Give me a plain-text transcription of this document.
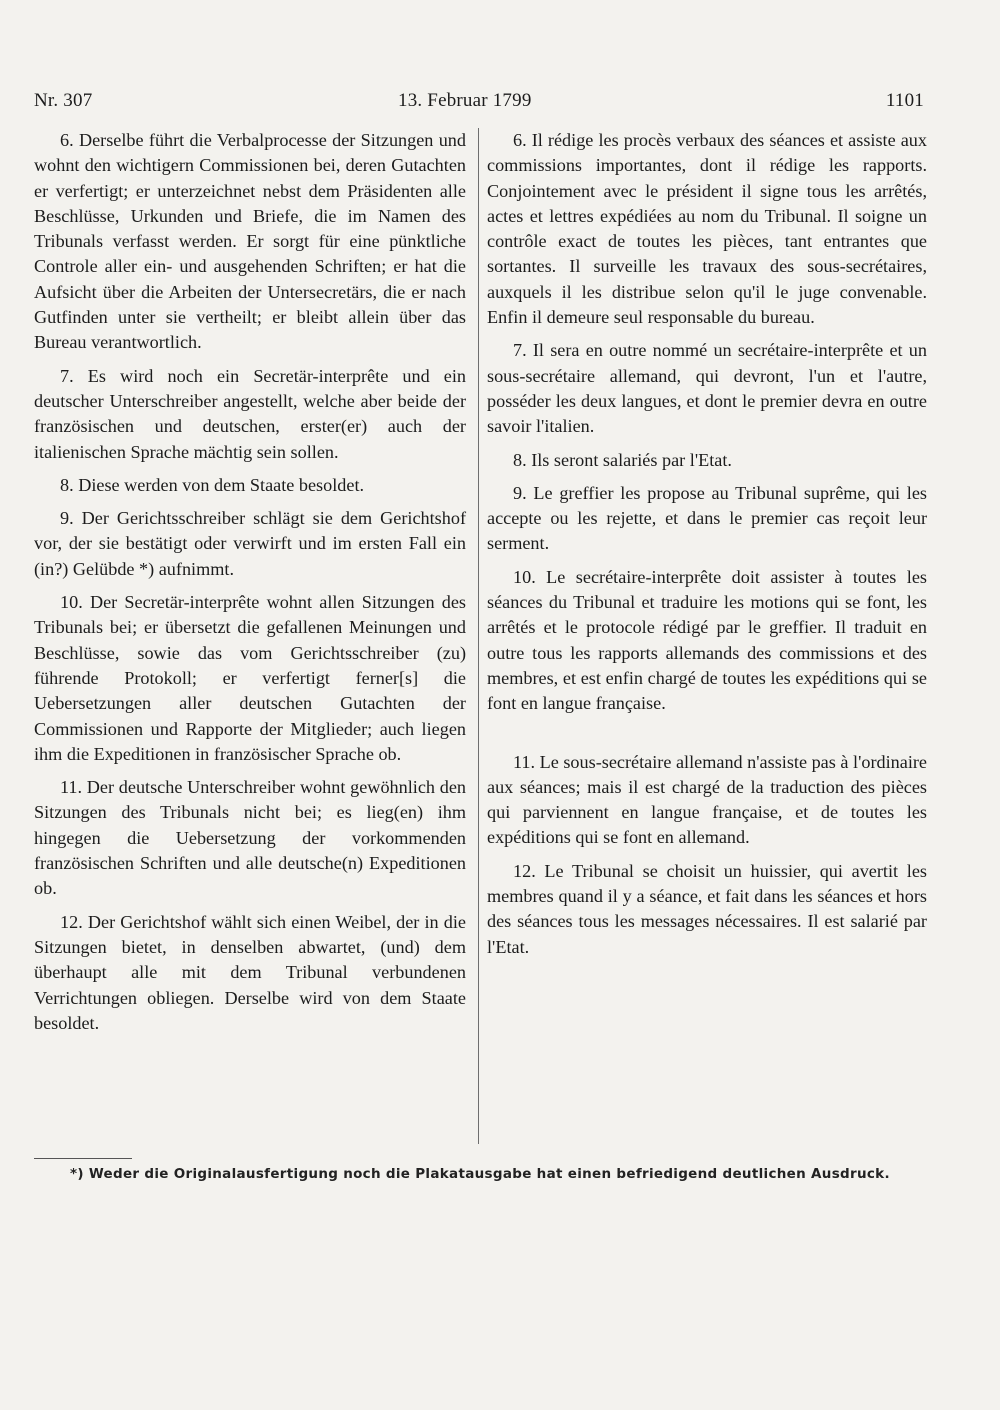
Nr. 307	13. Februar 1799	1101

6. Derselbe führt die Verbalprocesse der Sitzungen und wohnt den wichtigern Commissionen bei, deren Gutachten er verfertigt; er unterzeichnet nebst dem Präsidenten alle Beschlüsse, Urkunden und Briefe, die im Namen des Tribunals verfasst werden. Er sorgt für eine pünktliche Controle aller ein- und ausgehenden Schriften; er hat die Aufsicht über die Arbeiten der Untersecretärs, die er nach Gutfinden unter sie vertheilt; er bleibt allein über das Bureau verantwortlich.

7. Es wird noch ein Secretär-interprête und ein deutscher Unterschreiber angestellt, welche aber beide der französischen und deutschen, erster(er) auch der italienischen Sprache mächtig sein sollen.

8. Diese werden von dem Staate besoldet.

9. Der Gerichtsschreiber schlägt sie dem Gerichtshof vor, der sie bestätigt oder verwirft und im ersten Fall ein (in?) Gelübde *) aufnimmt.

10. Der Secretär-interprête wohnt allen Sitzungen des Tribunals bei; er übersetzt die gefallenen Meinungen und Beschlüsse, sowie das vom Gerichtsschreiber (zu) führende Protokoll; er verfertigt ferner[s] die Uebersetzungen aller deutschen Gutachten der Commissionen und Rapporte der Mitglieder; auch liegen ihm die Expeditionen in französischer Sprache ob.

11. Der deutsche Unterschreiber wohnt gewöhnlich den Sitzungen des Tribunals nicht bei; es lieg(en) ihm hingegen die Uebersetzung der vorkommenden französischen Schriften und alle deutsche(n) Expeditionen ob.

12. Der Gerichtshof wählt sich einen Weibel, der in die Sitzungen bietet, in denselben abwartet, (und) dem überhaupt alle mit dem Tribunal verbundenen Verrichtungen obliegen. Derselbe wird von dem Staate besoldet.

6. Il rédige les procès verbaux des séances et assiste aux commissions importantes, dont il rédige les rapports. Conjointement avec le président il signe tous les arrêtés, actes et lettres expédiées au nom du Tribunal. Il soigne un contrôle exact de toutes les pièces, tant entrantes que sortantes. Il surveille les travaux des sous-secrétaires, auxquels il les distribue selon qu'il le juge convenable. Enfin il demeure seul responsable du bureau.

7. Il sera en outre nommé un secrétaire-interprête et un sous-secrétaire allemand, qui devront, l'un et l'autre, posséder les deux langues, et dont le premier devra en outre savoir l'italien.

8. Ils seront salariés par l'Etat.

9. Le greffier les propose au Tribunal suprême, qui les accepte ou les rejette, et dans le premier cas reçoit leur serment.

10. Le secrétaire-interprête doit assister à toutes les séances du Tribunal et traduire les motions qui se font, les arrêtés et le protocole rédigé par le greffier. Il traduit en outre tous les rapports allemands des commissions et des membres, et est enfin chargé de toutes les expéditions qui se font en langue française.

11. Le sous-secrétaire allemand n'assiste pas à l'ordinaire aux séances; mais il est chargé de la traduction des pièces qui parviennent en langue française, et de toutes les expéditions qui se font en allemand.

12. Le Tribunal se choisit un huissier, qui avertit les membres quand il y a séance, et fait dans les séances et hors des séances tous les messages nécessaires. Il est salarié par l'Etat.

*) Weder die Originalausfertigung noch die Plakatausgabe hat einen befriedigend deutlichen Ausdruck.
